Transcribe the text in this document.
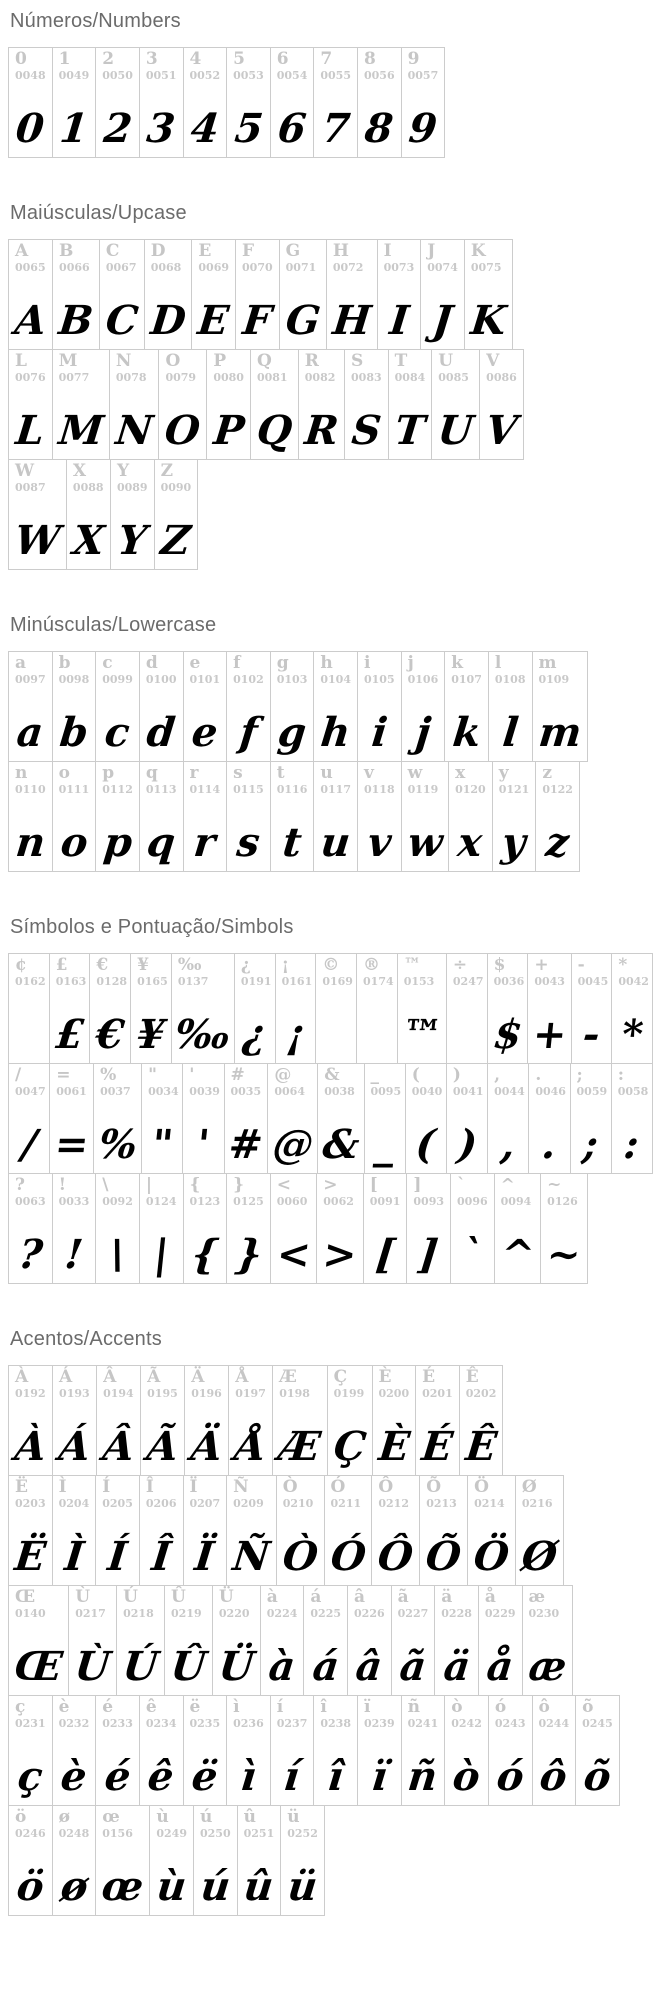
Números/Numbers
0
0048
0
1
0049
1
2
0050
2
3
0051
3
4
0052
4
5
0053
5
6
0054
6
7
0055
7
8
0056
8
9
0057
9
Maiúsculas/Upcase
A
0065
A
B
0066
B
C
0067
C
D
0068
D
E
0069
E
F
0070
F
G
0071
G
H
0072
H
I
0073
I
J
0074
J
K
0075
K
L
0076
L
M
0077
M
N
0078
N
O
0079
O
P
0080
P
Q
0081
Q
R
0082
R
S
0083
S
T
0084
T
U
0085
U
V
0086
V
W
0087
W
X
0088
X
Y
0089
Y
Z
0090
Z
Minúsculas/Lowercase
a
0097
a
b
0098
b
c
0099
c
d
0100
d
e
0101
e
f
0102
f
g
0103
g
h
0104
h
i
0105
i
j
0106
j
k
0107
k
l
0108
l
m
0109
m
n
0110
n
o
0111
o
p
0112
p
q
0113
q
r
0114
r
s
0115
s
t
0116
t
u
0117
u
v
0118
v
w
0119
w
x
0120
x
y
0121
y
z
0122
z
Símbolos e Pontuação/Simbols
¢
0162
£
0163
£
€
0128
€
¥
0165
¥
‰
0137
‰
¿
0191
¿
¡
0161
¡
©
0169
®
0174
™
0153
™
÷
0247
$
0036
$
+
0043
+
-
0045
-
*
0042
*
/
0047
/
=
0061
=
%
0037
%
"
0034
"
'
0039
'
#
0035
#
@
0064
@
&
0038
&
_
0095
_
(
0040
(
)
0041
)
,
0044
,
.
0046
.
;
0059
;
:
0058
:
?
0063
?
!
0033
!
\
0092
\
|
0124
|
{
0123
{
}
0125
}
<
0060
<
>
0062
>
[
0091
[
]
0093
]
`
0096
`
^
0094
^
~
0126
~
Acentos/Accents
À
0192
À
Á
0193
Á
Â
0194
Â
Ã
0195
Ã
Ä
0196
Ä
Å
0197
Å
Æ
0198
Æ
Ç
0199
Ç
È
0200
È
É
0201
É
Ê
0202
Ê
Ë
0203
Ë
Ì
0204
Ì
Í
0205
Í
Î
0206
Î
Ï
0207
Ï
Ñ
0209
Ñ
Ò
0210
Ò
Ó
0211
Ó
Ô
0212
Ô
Õ
0213
Õ
Ö
0214
Ö
Ø
0216
Ø
Œ
0140
Œ
Ù
0217
Ù
Ú
0218
Ú
Û
0219
Û
Ü
0220
Ü
à
0224
à
á
0225
á
â
0226
â
ã
0227
ã
ä
0228
ä
å
0229
å
æ
0230
æ
ç
0231
ç
è
0232
è
é
0233
é
ê
0234
ê
ë
0235
ë
ì
0236
ì
í
0237
í
î
0238
î
ï
0239
ï
ñ
0241
ñ
ò
0242
ò
ó
0243
ó
ô
0244
ô
õ
0245
õ
ö
0246
ö
ø
0248
ø
œ
0156
œ
ù
0249
ù
ú
0250
ú
û
0251
û
ü
0252
ü
